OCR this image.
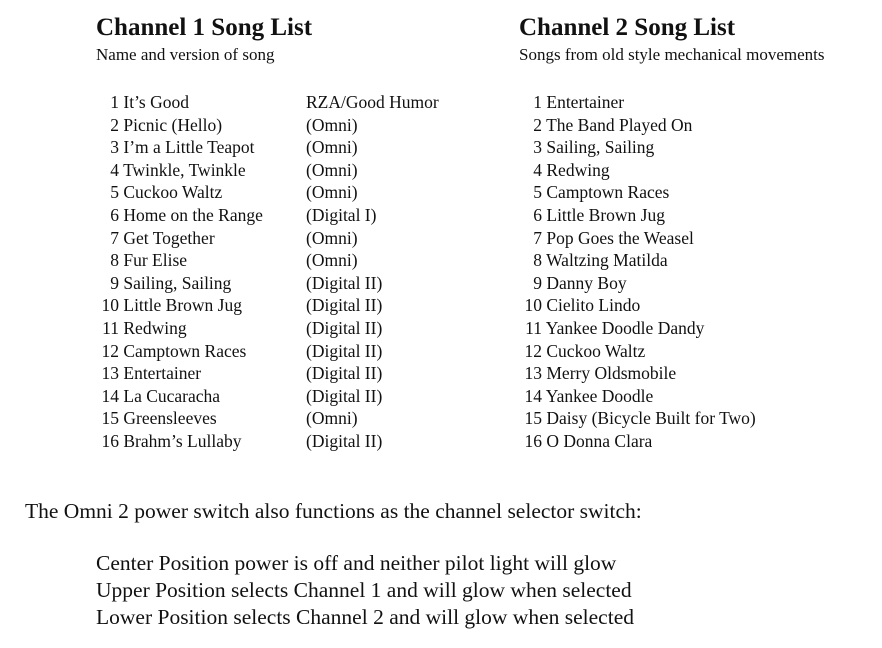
Channel 1 Song List
Name and version of song
1 It’s Good	RZA/Good Humor
2 Picnic (Hello)	(Omni)
3 I’m a Little Teapot	(Omni)
4 Twinkle, Twinkle	(Omni)
5 Cuckoo Waltz	(Omni)
6 Home on the Range (Digital I)
7 Get Together	(Omni)
8 Fur Elise	(Omni)
9 Sailing, Sailing	(Digital II)
10 Little Brown Jug	(Digital II)
11 Redwing	(Digital II)
12 Camptown Races	(Digital II)
13 Entertainer	(Digital II)
14 La Cucaracha	(Digital II)
15 Greensleeves	(Omni)
16 Brahm’s Lullaby	(Digital II)
Channel 2 Song List
Songs from old style mechanical movements
1 Entertainer
2 The Band Played On
3 Sailing, Sailing
4 Redwing
5 Camptown Races
6 Little Brown Jug
7 Pop Goes the Weasel
8 Waltzing Matilda
9 Danny Boy
10 Cielito Lindo
11 Yankee Doodle Dandy
12 Cuckoo Waltz
13 Merry Oldsmobile
14 Yankee Doodle
15 Daisy (Bicycle Built for Two)
16 O Donna Clara
The Omni 2 power switch also functions as the channel selector switch:
Center Position power is off and neither pilot light will glow
Upper Position selects Channel 1 and will glow when selected
Lower Position selects Channel 2 and will glow when selected
